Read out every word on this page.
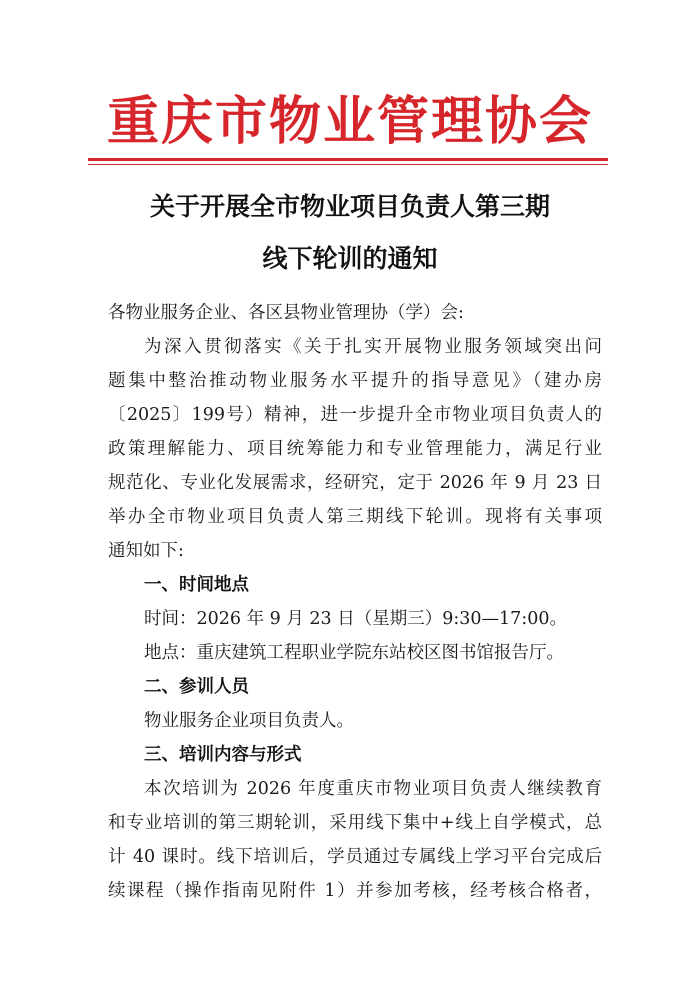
重庆市物业管理协会
关于开展全市物业项目负责人第三期
线下轮训的通知
各物业服务企业、各区县物业管理协（学）会:
为深入贯彻落实《关于扎实开展物业服务领域突出问
题集中整治推动物业服务水平提升的指导意见》（建办房
〔2025〕199号）精神，进一步提升全市物业项目负责人的
政策理解能力、项目统筹能力和专业管理能力，满足行业
规范化、专业化发展需求，经研究，定于 2026 年 9 月 23 日
举办全市物业项目负责人第三期线下轮训。现将有关事项
通知如下:
一、时间地点
时间：2026 年 9 月 23 日（星期三）9:30—17:00。
地点：重庆建筑工程职业学院东站校区图书馆报告厅。
二、参训人员
物业服务企业项目负责人。
三、培训内容与形式
本次培训为 2026 年度重庆市物业项目负责人继续教育
和专业培训的第三期轮训，采用线下集中+线上自学模式，总
计 40 课时。线下培训后，学员通过专属线上学习平台完成后
续课程（操作指南见附件 1）并参加考核，经考核合格者，
